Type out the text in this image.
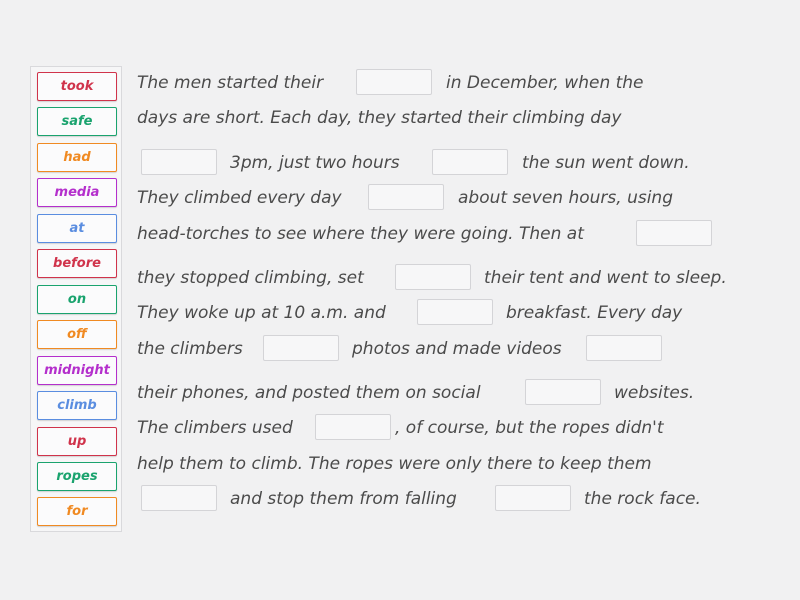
took
safe
had
media
at
before
on
off
midnight
climb
up
ropes
for
The men started their	in December, when the
days are short. Each day, they started their climbing day
3pm, just two hours	the sun went down.
They climbed every day	about seven hours, using
head-torches to see where they were going. Then at
they stopped climbing, set	their tent and went to sleep.
They woke up at 10 a.m. and	breakfast. Every day
the climbers	photos and made videos
their phones, and posted them on social	websites.
The climbers used	, of course, but the ropes didn't
help them to climb. The ropes were only there to keep them
and stop them from falling	the rock face.
